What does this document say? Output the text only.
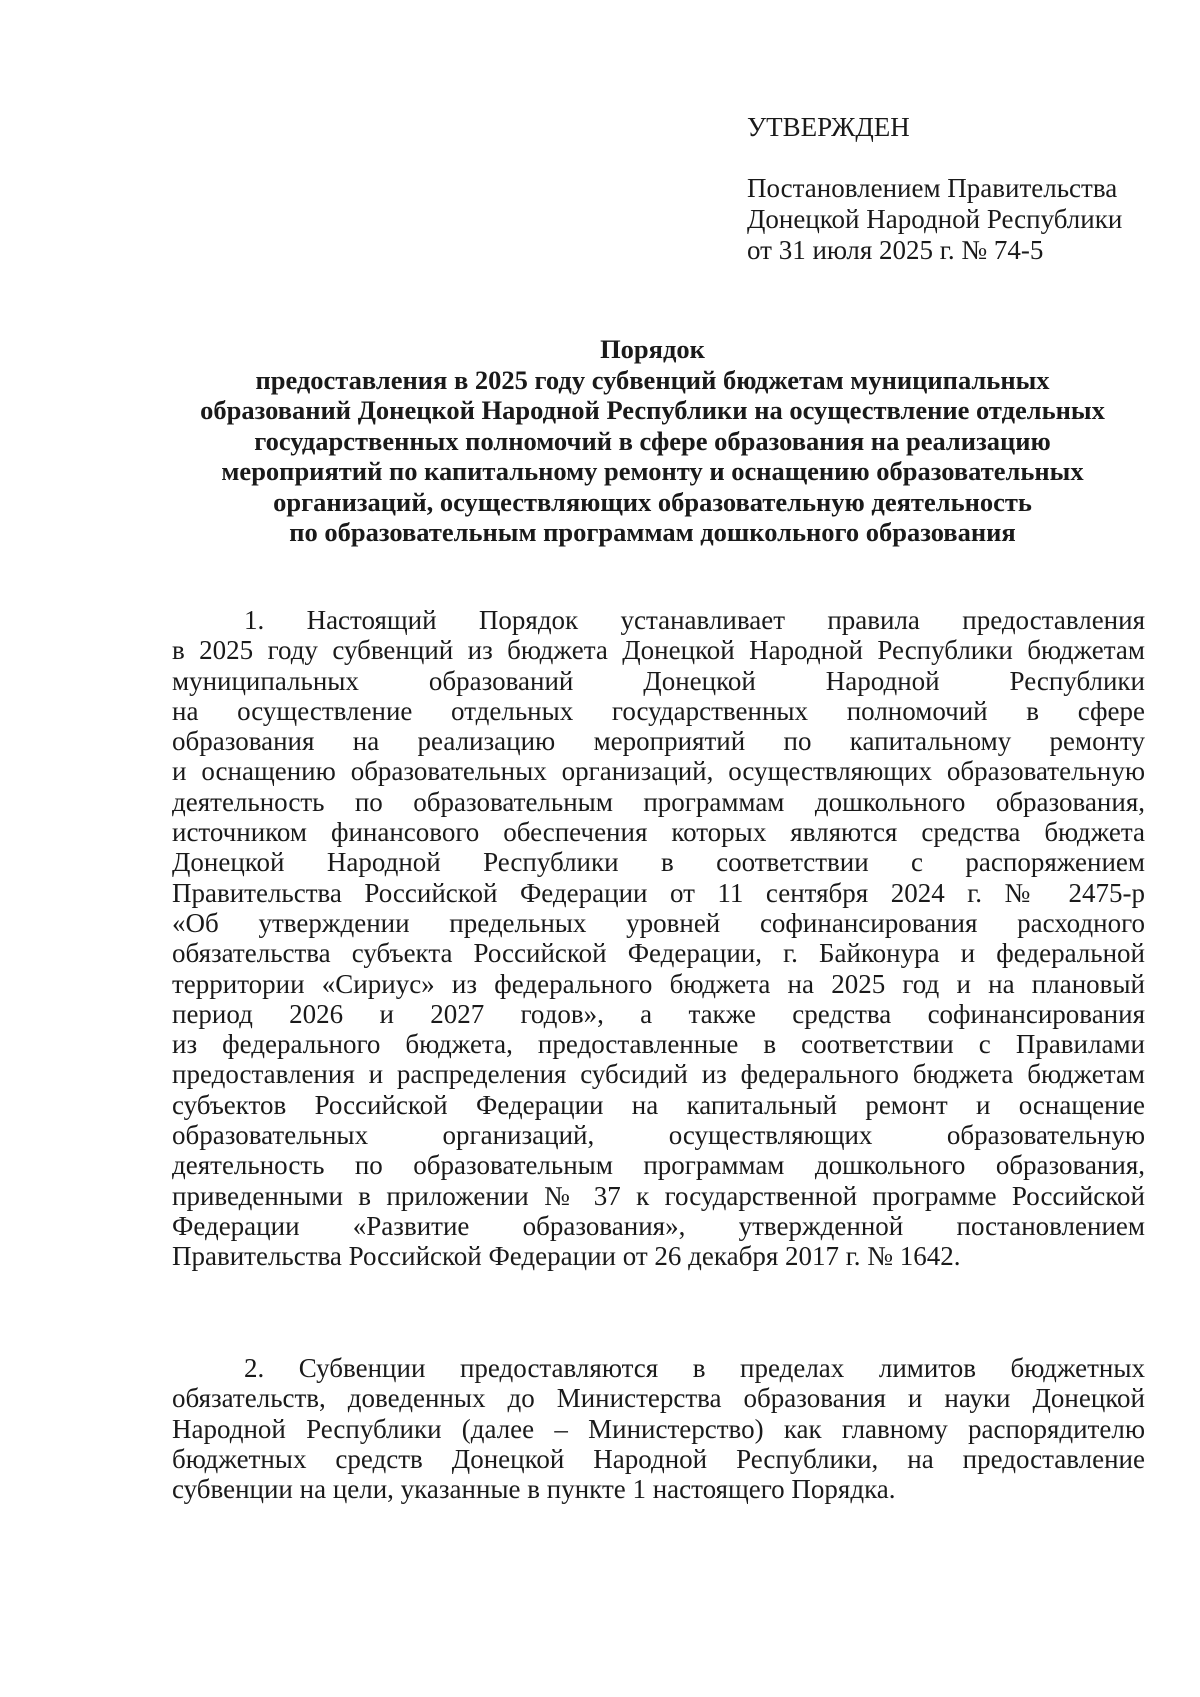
УТВЕРЖДЕН
Постановлением Правительства
Донецкой Народной Республики
от 31 июля 2025 г. № 74-5
Порядок
предоставления в 2025 году субвенций бюджетам муниципальных
образований Донецкой Народной Республики на осуществление отдельных
государственных полномочий в сфере образования на реализацию
мероприятий по капитальному ремонту и оснащению образовательных
организаций, осуществляющих образовательную деятельность
по образовательным программам дошкольного образования
1. Настоящий Порядок устанавливает правила предоставления
в 2025 году субвенций из бюджета Донецкой Народной Республики бюджетам
муниципальных образований Донецкой Народной Республики
на осуществление отдельных государственных полномочий в сфере
образования на реализацию мероприятий по капитальному ремонту
и оснащению образовательных организаций, осуществляющих образовательную
деятельность по образовательным программам дошкольного образования,
источником финансового обеспечения которых являются средства бюджета
Донецкой Народной Республики в соответствии с распоряжением
Правительства Российской Федерации от 11 сентября 2024 г. № 2475-р
«Об утверждении предельных уровней софинансирования расходного
обязательства субъекта Российской Федерации, г. Байконура и федеральной
территории «Сириус» из федерального бюджета на 2025 год и на плановый
период 2026 и 2027 годов», а также средства софинансирования
из федерального бюджета, предоставленные в соответствии с Правилами
предоставления и распределения субсидий из федерального бюджета бюджетам
субъектов Российской Федерации на капитальный ремонт и оснащение
образовательных организаций, осуществляющих образовательную
деятельность по образовательным программам дошкольного образования,
приведенными в приложении № 37 к государственной программе Российской
Федерации «Развитие образования», утвержденной постановлением
Правительства Российской Федерации от 26 декабря 2017 г. № 1642.
2. Субвенции предоставляются в пределах лимитов бюджетных
обязательств, доведенных до Министерства образования и науки Донецкой
Народной Республики (далее – Министерство) как главному распорядителю
бюджетных средств Донецкой Народной Республики, на предоставление
субвенции на цели, указанные в пункте 1 настоящего Порядка.
